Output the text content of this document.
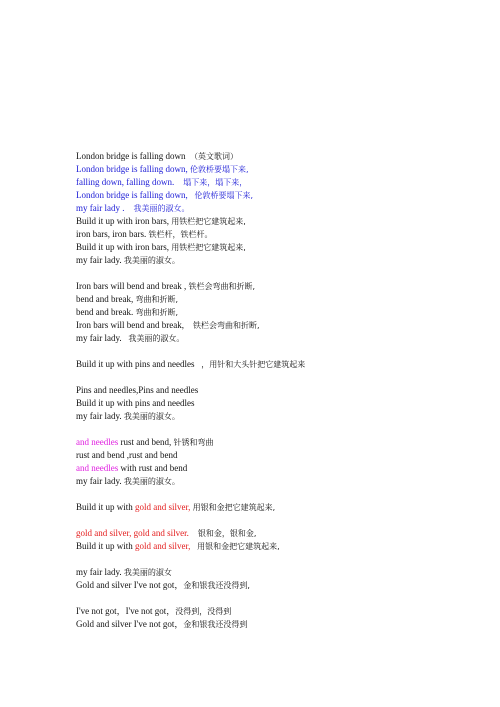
London bridge is falling down （英文歌词）
London bridge is falling down, 伦敦桥要塌下来,
falling down, falling down. 塌下来，塌下来，
London bridge is falling down, 伦敦桥要塌下来,
my fair lady . 我美丽的淑女。
Build it up with iron bars, 用铁栏把它建筑起来,
iron bars, iron bars. 铁栏杆，铁栏杆。
Build it up with iron bars, 用铁栏把它建筑起来,
my fair lady. 我美丽的淑女。
Iron bars will bend and break , 铁栏会弯曲和折断,
bend and break, 弯曲和折断,
bend and break. 弯曲和折断,
Iron bars will bend and break, 铁栏会弯曲和折断,
my fair lady. 我美丽的淑女。
Build it up with pins and needles ，用针和大头针把它建筑起来
Pins and needles,Pins and needles
Build it up with pins and needles
my fair lady. 我美丽的淑女。
and needles rust and bend, 针锈和弯曲
rust and bend ,rust and bend
and needles with rust and bend
my fair lady. 我美丽的淑女。
Build it up with gold and silver, 用银和金把它建筑起来,
gold and silver, gold and silver. 银和金，银和金,
Build it up with gold and silver, 用银和金把它建筑起来,
my fair lady. 我美丽的淑女
Gold and silver I've not got，金和银我还没得到,
I've not got，I've not got，没得到，没得到
Gold and silver I've not got，金和银我还没得到
